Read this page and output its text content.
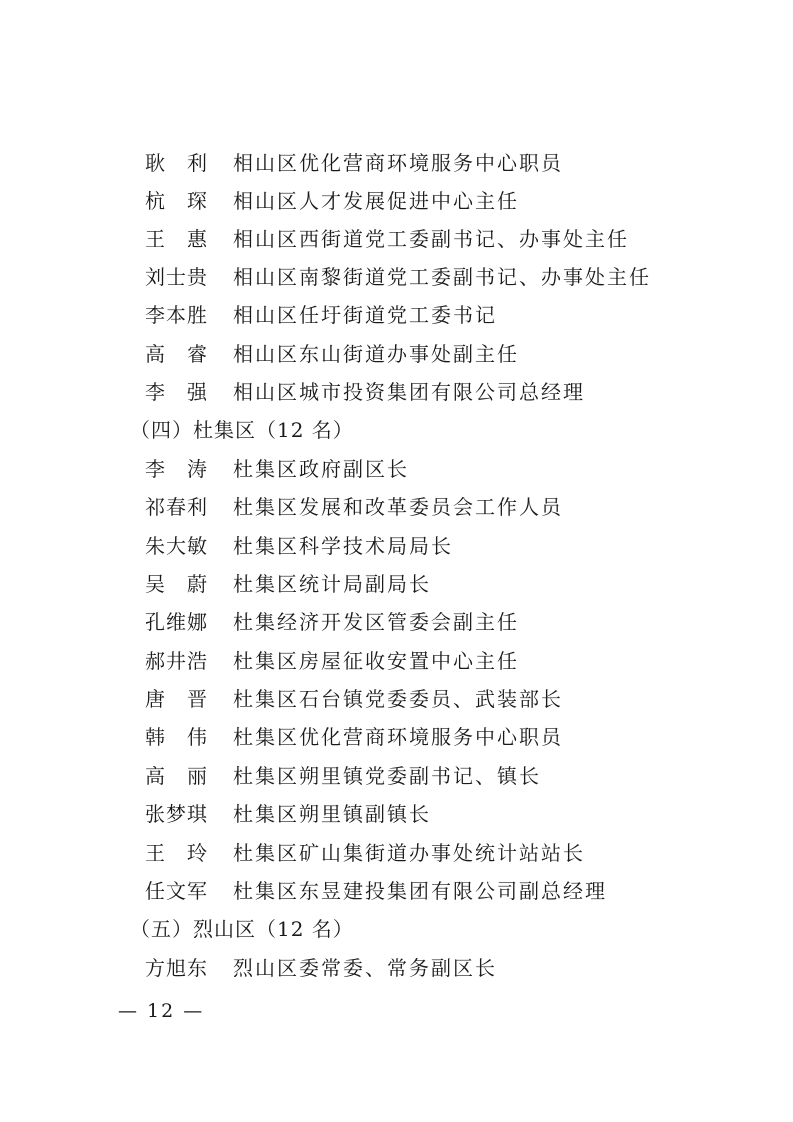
耿　利 相山区优化营商环境服务中心职员
杭　琛 相山区人才发展促进中心主任
王　惠 相山区西街道党工委副书记、办事处主任
刘士贵 相山区南黎街道党工委副书记、办事处主任
李本胜 相山区任圩街道党工委书记
高　睿 相山区东山街道办事处副主任
李　强 相山区城市投资集团有限公司总经理
（四）杜集区（12 名）
李　涛 杜集区政府副区长
祁春利 杜集区发展和改革委员会工作人员
朱大敏 杜集区科学技术局局长
吴　蔚 杜集区统计局副局长
孔维娜 杜集经济开发区管委会副主任
郝井浩 杜集区房屋征收安置中心主任
唐　晋 杜集区石台镇党委委员、武装部长
韩　伟 杜集区优化营商环境服务中心职员
高　丽 杜集区朔里镇党委副书记、镇长
张梦琪 杜集区朔里镇副镇长
王　玲 杜集区矿山集街道办事处统计站站长
任文军 杜集区东昱建投集团有限公司副总经理
（五）烈山区（12 名）
方旭东 烈山区委常委、常务副区长
— 12 —
